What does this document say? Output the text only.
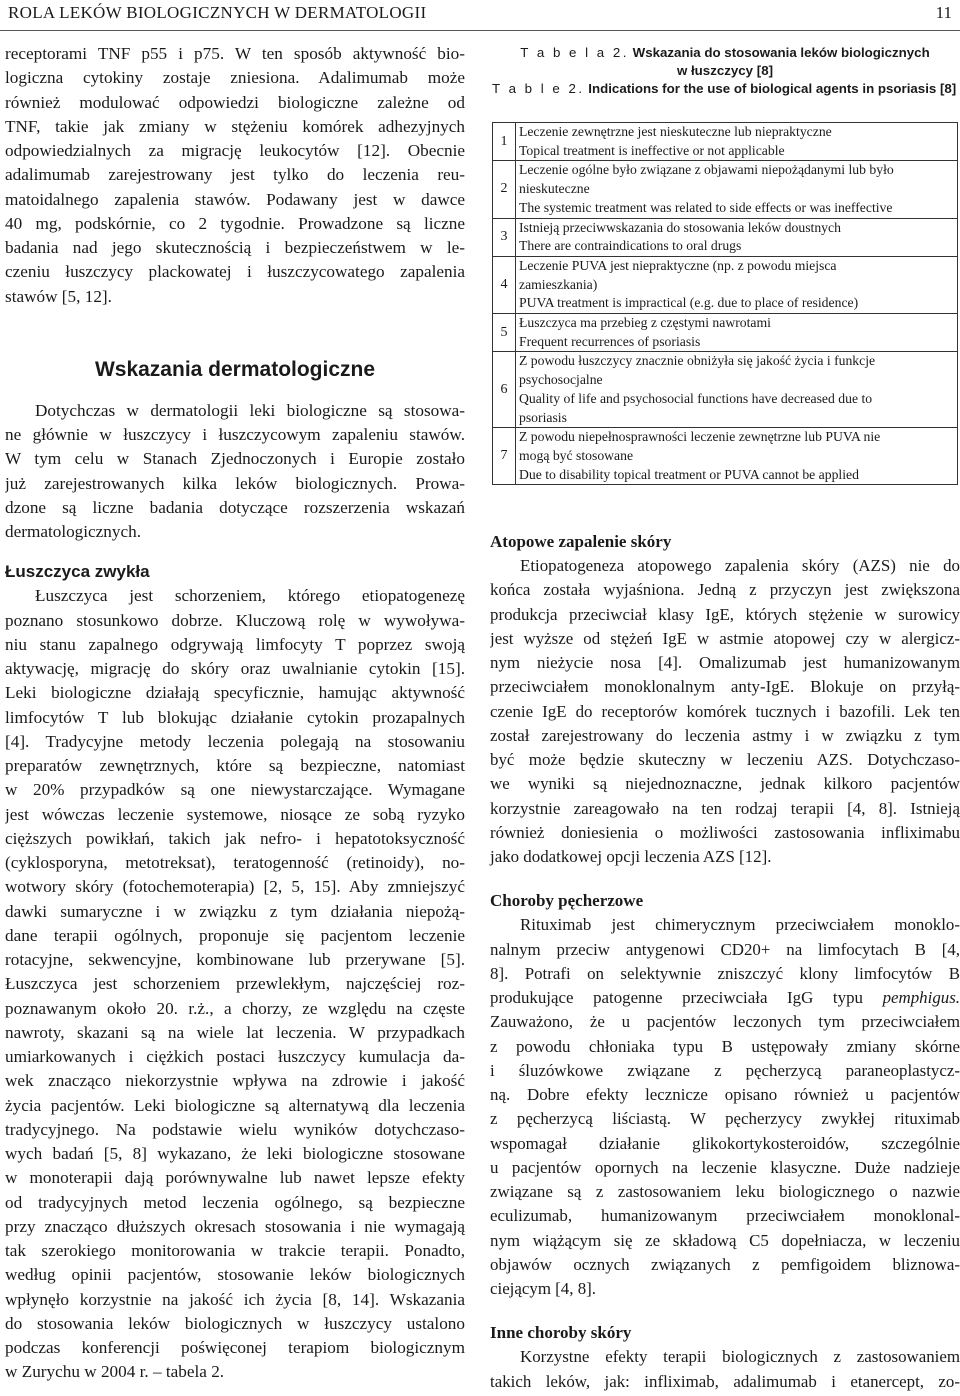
ROLA LEKÓW BIOLOGICZNYCH W DERMATOLOGII	11
receptorami TNF p55 i p75. W ten sposób aktywność bio-
logiczna cytokiny zostaje zniesiona. Adalimumab może
również modulować odpowiedzi biologiczne zależne od
TNF, takie jak zmiany w stężeniu komórek adhezyjnych
odpowiedzialnych za migrację leukocytów [12]. Obecnie
adalimumab zarejestrowany jest tylko do leczenia reu-
matoidalnego zapalenia stawów. Podawany jest w dawce
40 mg, podskórnie, co 2 tygodnie. Prowadzone są liczne
badania nad jego skutecznością i bezpieczeństwem w le-
czeniu łuszczycy plackowatej i łuszczycowatego zapalenia
stawów [5, 12].
Wskazania dermatologiczne
Dotychczas w dermatologii leki biologiczne są stosowa-
ne głównie w łuszczycy i łuszczycowym zapaleniu stawów.
W tym celu w Stanach Zjednoczonych i Europie zostało
już zarejestrowanych kilka leków biologicznych. Prowa-
dzone są liczne badania dotyczące rozszerzenia wskazań
dermatologicznych.
Łuszczyca zwykła
Łuszczyca jest schorzeniem, którego etiopatogenezę
poznano stosunkowo dobrze. Kluczową rolę w wywoływa-
niu stanu zapalnego odgrywają limfocyty T poprzez swoją
aktywację, migrację do skóry oraz uwalnianie cytokin [15].
Leki biologiczne działają specyficznie, hamując aktywność
limfocytów T lub blokując działanie cytokin prozapalnych
[4]. Tradycyjne metody leczenia polegają na stosowaniu
preparatów zewnętrznych, które są bezpieczne, natomiast
w 20% przypadków są one niewystarczające. Wymagane
jest wówczas leczenie systemowe, niosące ze sobą ryzyko
cięższych powikłań, takich jak nefro- i hepatotoksyczność
(cyklosporyna, metotreksat), teratogenność (retinoidy), no-
wotwory skóry (fotochemoterapia) [2, 5, 15]. Aby zmniejszyć
dawki sumaryczne i w związku z tym działania niepożą-
dane terapii ogólnych, proponuje się pacjentom leczenie
rotacyjne, sekwencyjne, kombinowane lub przerywane [5].
Łuszczyca jest schorzeniem przewlekłym, najczęściej roz-
poznawanym około 20. r.ż., a chorzy, ze względu na częste
nawroty, skazani są na wiele lat leczenia. W przypadkach
umiarkowanych i ciężkich postaci łuszczycy kumulacja da-
wek znacząco niekorzystnie wpływa na zdrowie i jakość
życia pacjentów. Leki biologiczne są alternatywą dla leczenia
tradycyjnego. Na podstawie wielu wyników dotychczaso-
wych badań [5, 8] wykazano, że leki biologiczne stosowane
w monoterapii dają porównywalne lub nawet lepsze efekty
od tradycyjnych metod leczenia ogólnego, są bezpieczne
przy znacząco dłuższych okresach stosowania i nie wymagają
tak szerokiego monitorowania w trakcie terapii. Ponadto,
według opinii pacjentów, stosowanie leków biologicznych
wpłynęło korzystnie na jakość ich życia [8, 14]. Wskazania
do stosowania leków biologicznych w łuszczycy ustalono
podczas konferencji poświęconej terapiom biologicznym
w Zurychu w 2004 r. – tabela 2.
T a b e l a 2. Wskazania do stosowania leków biologicznych
w łuszczycy [8]
T a b l e 2. Indications for the use of biological agents in psoriasis [8]
1	Leczenie zewnętrzne jest nieskuteczne lub niepraktyczne
Topical treatment is ineffective or not applicable

2	Leczenie ogólne było związane z objawami niepożądanymi lub było
nieskuteczne
The systemic treatment was related to side effects or was ineffective

3	Istnieją przeciwwskazania do stosowania leków doustnych
There are contraindications to oral drugs

4	Leczenie PUVA jest niepraktyczne (np. z powodu miejsca
zamieszkania)
PUVA treatment is impractical (e.g. due to place of residence)

5	Łuszczyca ma przebieg z częstymi nawrotami
Frequent recurrences of psoriasis

6	Z powodu łuszczycy znacznie obniżyła się jakość życia i funkcje
psychosocjalne
Quality of life and psychosocial functions have decreased due to
psoriasis

7	Z powodu niepełnosprawności leczenie zewnętrzne lub PUVA nie
mogą być stosowane
Due to disability topical treatment or PUVA cannot be applied
Atopowe zapalenie skóry
Etiopatogeneza atopowego zapalenia skóry (AZS) nie do
końca została wyjaśniona. Jedną z przyczyn jest zwiększona
produkcja przeciwciał klasy IgE, których stężenie w surowicy
jest wyższe od stężeń IgE w astmie atopowej czy w alergicz-
nym nieżycie nosa [4]. Omalizumab jest humanizowanym
przeciwciałem monoklonalnym anty-IgE. Blokuje on przyłą-
czenie IgE do receptorów komórek tucznych i bazofili. Lek ten
został zarejestrowany do leczenia astmy i w związku z tym
być może będzie skuteczny w leczeniu AZS. Dotychczaso-
we wyniki są niejednoznaczne, jednak kilkoro pacjentów
korzystnie zareagowało na ten rodzaj terapii [4, 8]. Istnieją
również doniesienia o możliwości zastosowania infliximabu
jako dodatkowej opcji leczenia AZS [12].
Choroby pęcherzowe
Rituximab jest chimerycznym przeciwciałem monoklo-
nalnym przeciw antygenowi CD20+ na limfocytach B [4,
8]. Potrafi on selektywnie zniszczyć klony limfocytów B
produkujące patogenne przeciwciała IgG typu pemphigus.
Zauważono, że u pacjentów leczonych tym przeciwciałem
z powodu chłoniaka typu B ustępowały zmiany skórne
i śluzówkowe związane z pęcherzycą paraneoplastycz-
ną. Dobre efekty lecznicze opisano również u pacjentów
z pęcherzycą liściastą. W pęcherzycy zwykłej rituximab
wspomagał działanie glikokortykosteroidów, szczególnie
u pacjentów opornych na leczenie klasyczne. Duże nadzieje
związane są z zastosowaniem leku biologicznego o nazwie
eculizumab, humanizowanym przeciwciałem monoklonal-
nym wiążącym się ze składową C5 dopełniacza, w leczeniu
objawów ocznych związanych z pemfigoidem bliznowa-
ciejącym [4, 8].
Inne choroby skóry
Korzystne efekty terapii biologicznych z zastosowaniem
takich leków, jak: infliximab, adalimumab i etanercept, zo-
